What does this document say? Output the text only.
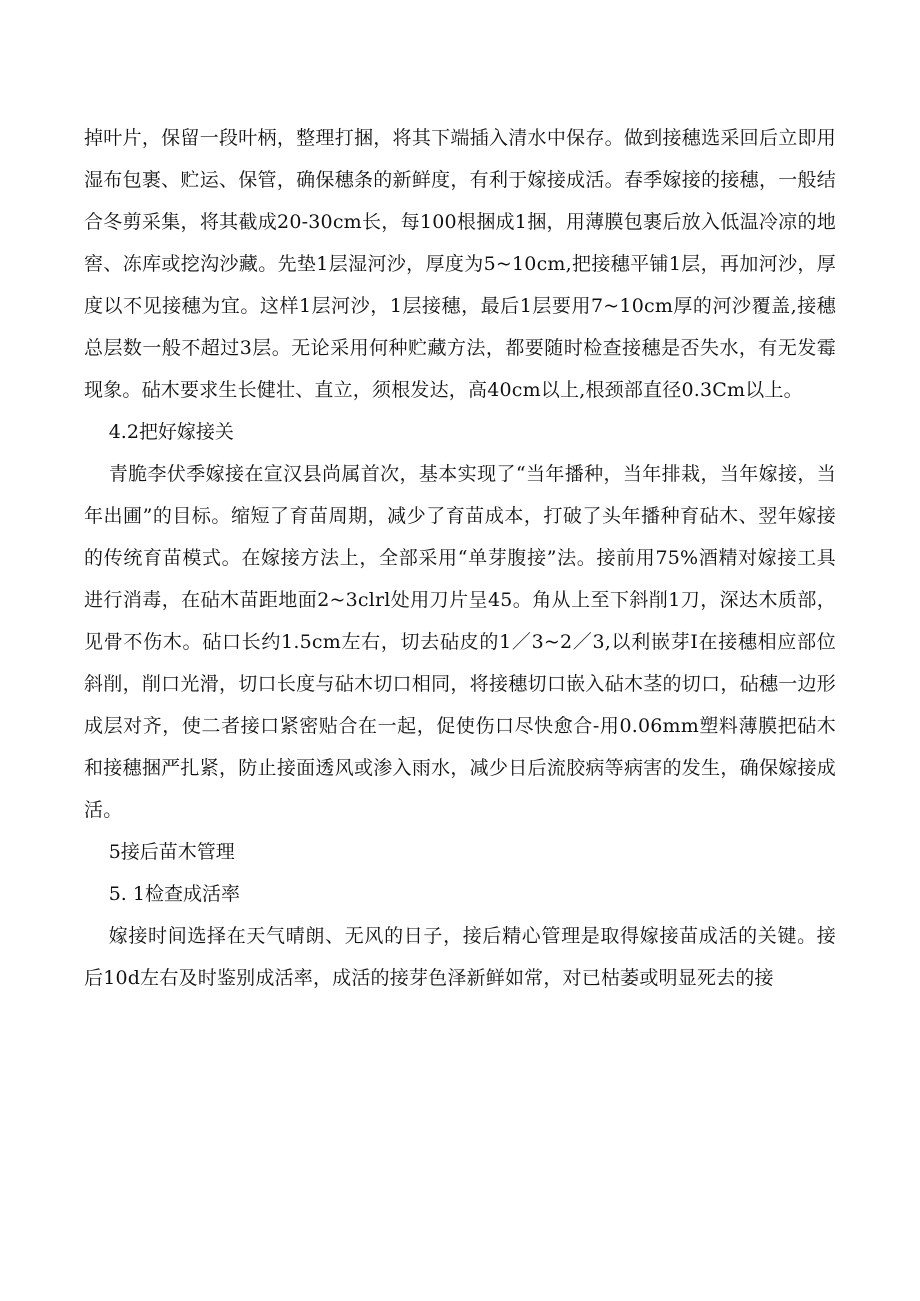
掉叶片，保留一段叶柄，整理打捆，将其下端插入清水中保存。做到接穗选采回后立即用湿布包裹、贮运、保管，确保穗条的新鲜度，有利于嫁接成活。春季嫁接的接穗，一般结合冬剪采集，将其截成20-30cm长，每100根捆成1捆，用薄膜包裹后放入低温冷凉的地窖、冻库或挖沟沙藏。先垫1层湿河沙，厚度为5~10cm,把接穗平铺1层，再加河沙，厚度以不见接穗为宜。这样1层河沙，1层接穗，最后1层要用7~10cm厚的河沙覆盖,接穗总层数一般不超过3层。无论采用何种贮藏方法，都要随时检查接穗是否失水，有无发霉现象。砧木要求生长健壮、直立，须根发达，高40cm以上,根颈部直径0.3Cm以上。

4.2把好嫁接关

青脆李伏季嫁接在宣汉县尚属首次，基本实现了“当年播种，当年排栽，当年嫁接，当年出圃”的目标。缩短了育苗周期，减少了育苗成本，打破了头年播种育砧木、翌年嫁接的传统育苗模式。在嫁接方法上，全部采用“单芽腹接”法。接前用75%酒精对嫁接工具进行消毒，在砧木苗距地面2~3clrl处用刀片呈45。角从上至下斜削1刀，深达木质部，见骨不伤木。砧口长约1.5cm左右，切去砧皮的1／3~2／3,以利嵌芽I在接穗相应部位斜削，削口光滑，切口长度与砧木切口相同，将接穗切口嵌入砧木茎的切口，砧穗一边形成层对齐，使二者接口紧密贴合在一起，促使伤口尽快愈合-用0.06mm塑料薄膜把砧木和接穗捆严扎紧，防止接面透风或渗入雨水，减少日后流胶病等病害的发生，确保嫁接成活。

5接后苗木管理

5. 1检查成活率

嫁接时间选择在天气晴朗、无风的日子，接后精心管理是取得嫁接苗成活的关键。接后10d左右及时鉴别成活率，成活的接芽色泽新鲜如常，对已枯萎或明显死去的接
